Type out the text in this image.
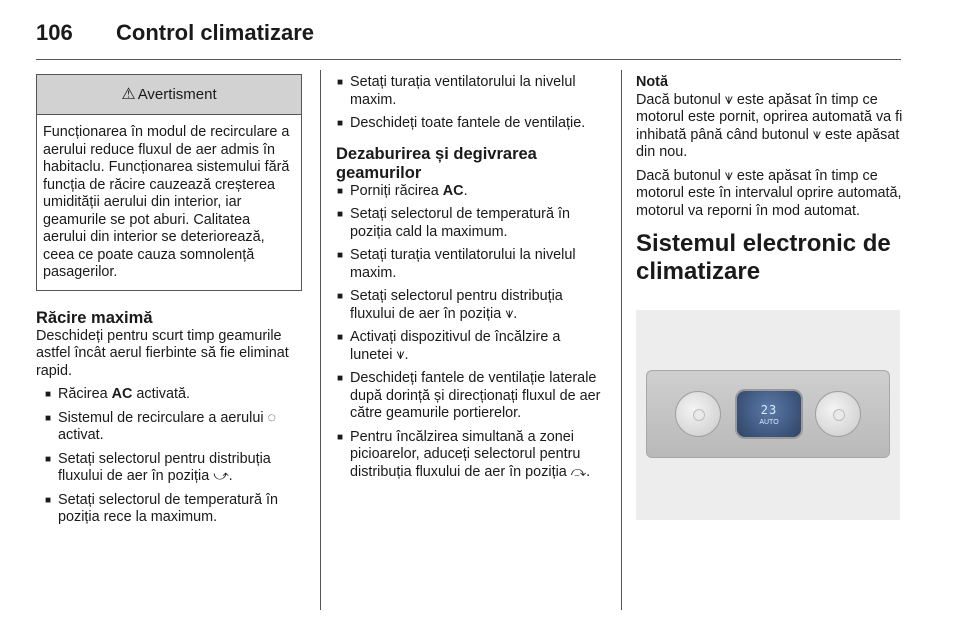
106	Control climatizare
⚠ Avertisment
Funcționarea în modul de recirculare a aerului reduce fluxul de aer admis în habitaclu. Funcționarea sistemului fără funcția de răcire cauzează creșterea umidității aerului din interior, iar geamurile se pot aburi. Calitatea aerului din interior se deteriorează, ceea ce poate cauza somnolență pasagerilor.
Răcire maximă

Deschideți pentru scurt timp geamurile astfel încât aerul fierbinte să fie eliminat rapid.

■ Răcirea AC activată.
■ Sistemul de recirculare a aerului ◌ activat.
■ Setați selectorul pentru distribuția fluxului de aer în poziția ⤻.
■ Setați selectorul de temperatură în poziția rece la maximum.
■ Setați turația ventilatorului la nivelul maxim.
■ Deschideți toate fantele de ventilație.
Dezaburirea și degivrarea geamurilor
■ Porniți răcirea AC.
■ Setați selectorul de temperatură în poziția cald la maximum.
■ Setați turația ventilatorului la nivelul maxim.
■ Setați selectorul pentru distribuția fluxului de aer în poziția ⩛.
■ Activați dispozitivul de încălzire a lunetei ⩛.
■ Deschideți fantele de ventilație laterale după dorință și direcționați fluxul de aer către geamurile portierelor.
■ Pentru încălzirea simultană a zonei picioarelor, aduceți selectorul pentru distribuția fluxului de aer în poziția ⤼.
Notă

Dacă butonul ⩛ este apăsat în timp ce motorul este pornit, oprirea automată va fi inhibată până când butonul ⩛ este apăsat din nou.

Dacă butonul ⩛ este apăsat în timp ce motorul este în intervalul oprire automată, motorul va reporni în mod automat.

Sistemul electronic de climatizare
23
AUTO
